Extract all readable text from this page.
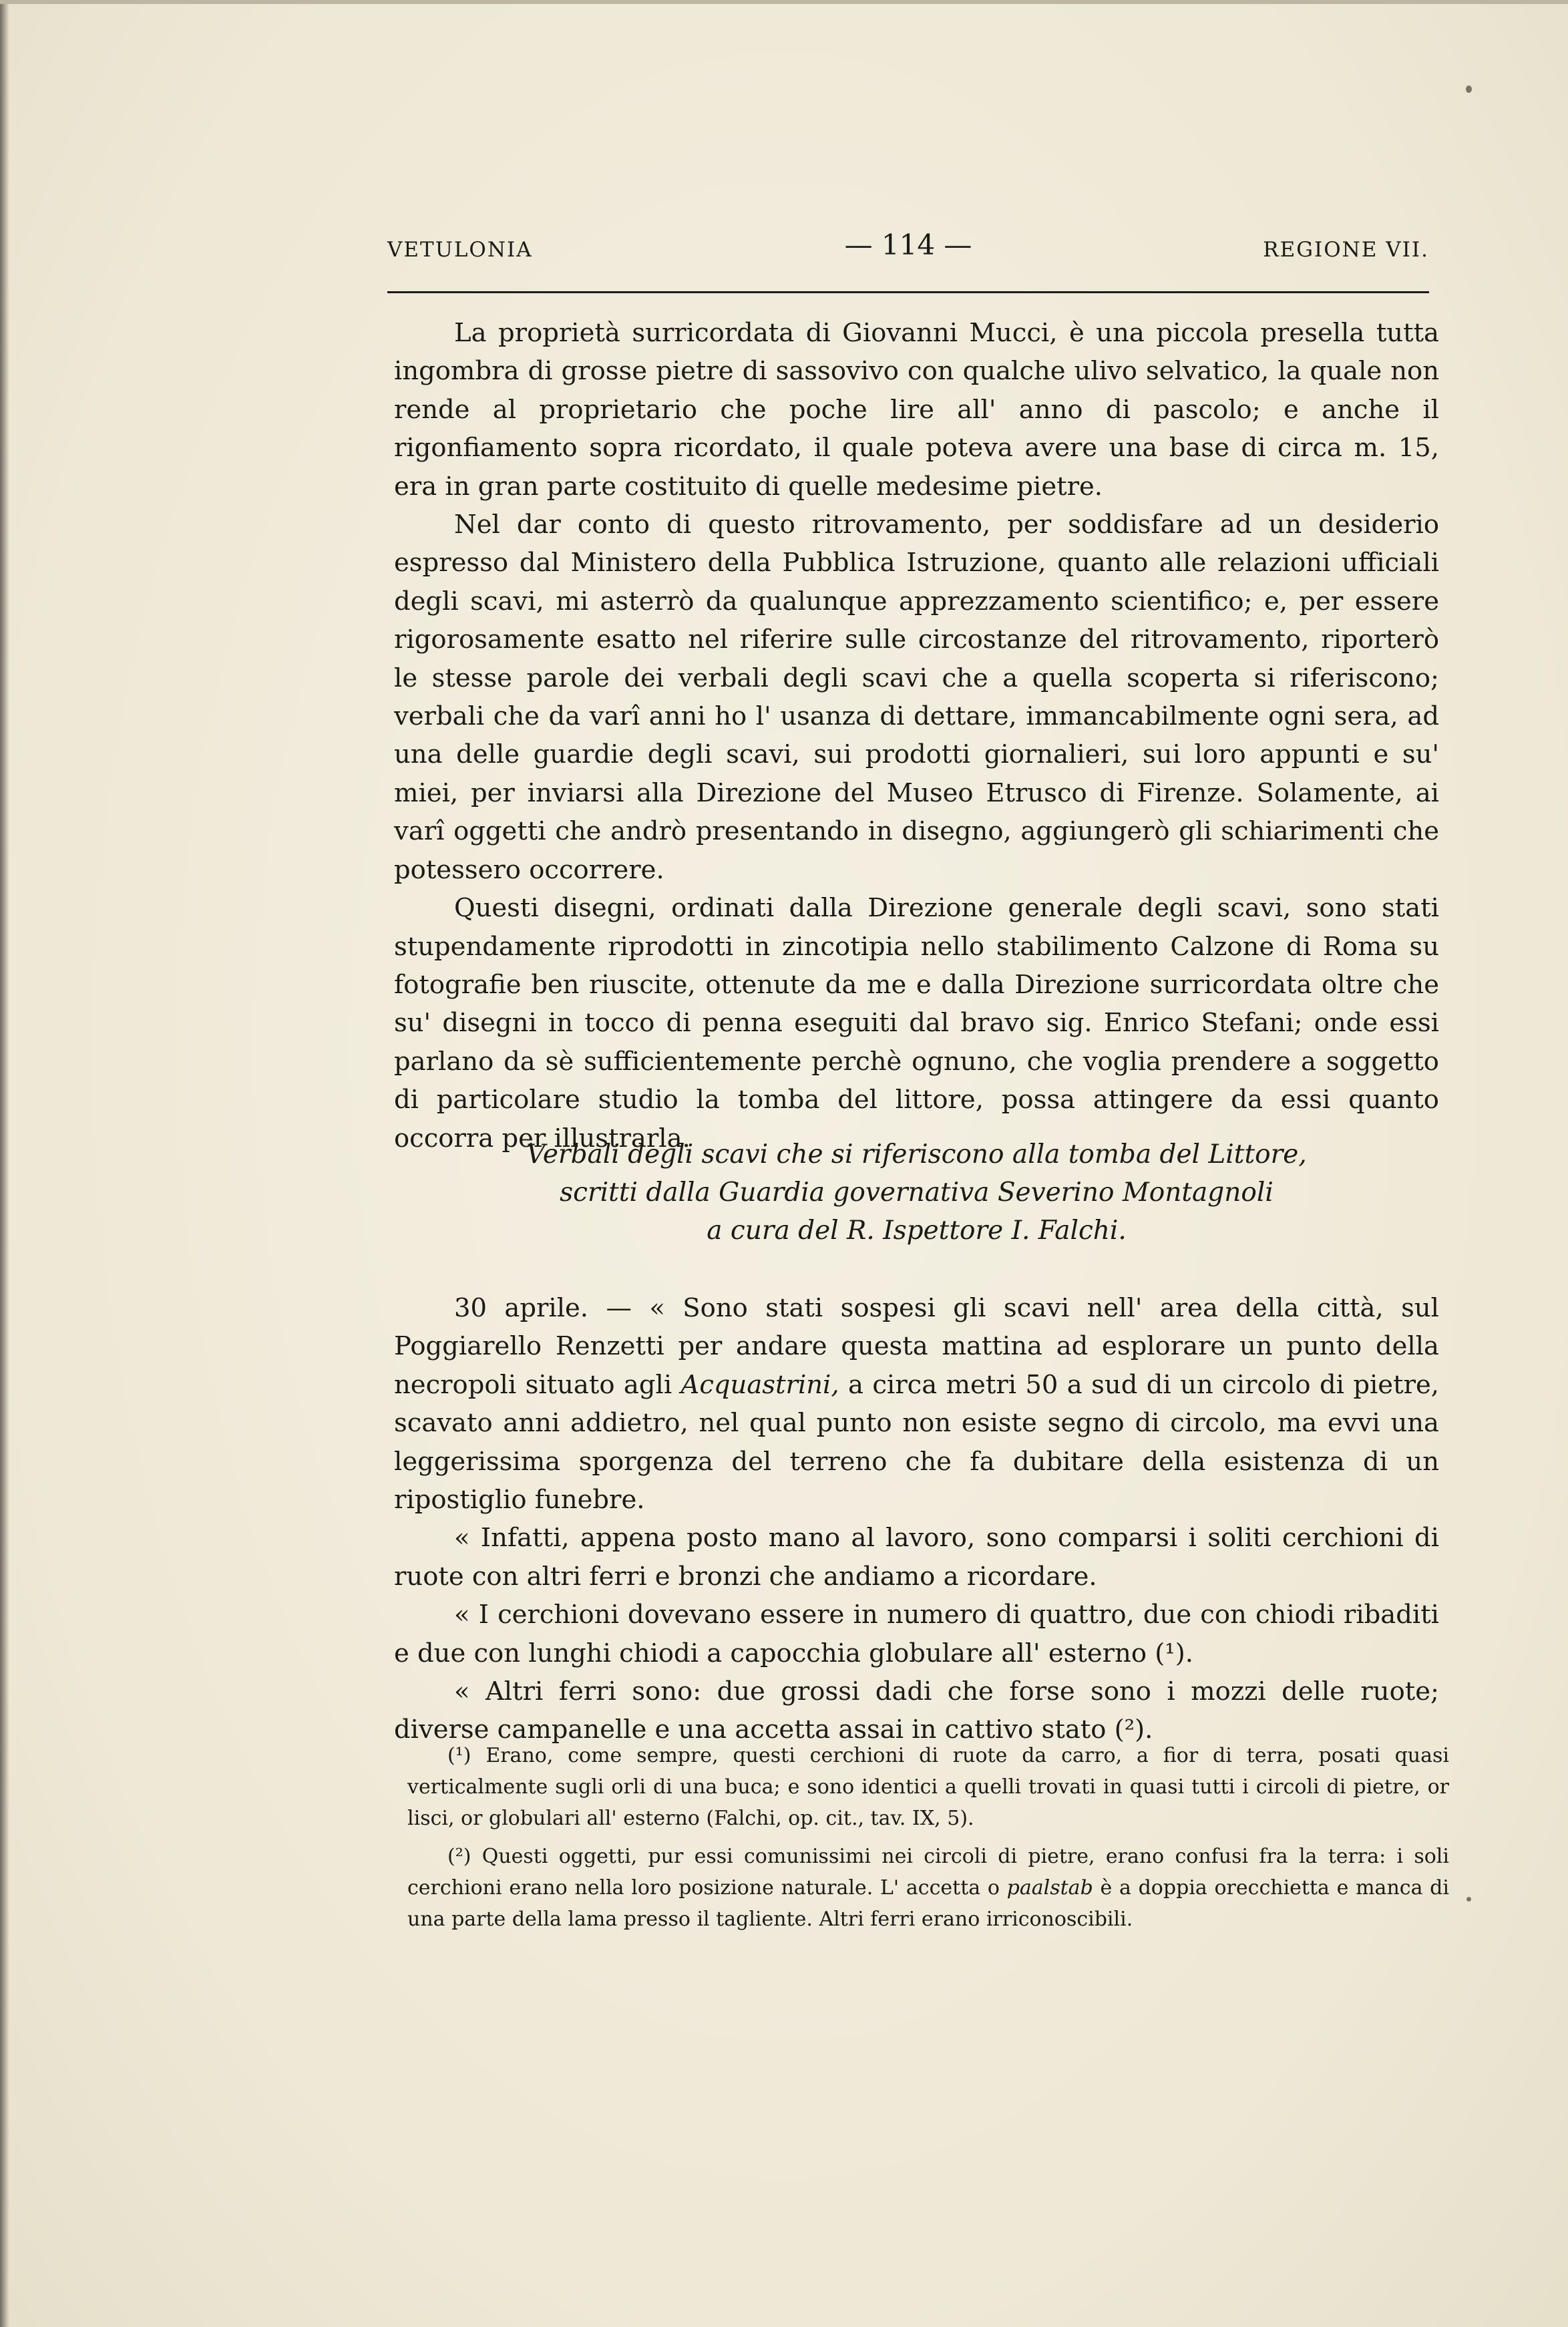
VETULONIA	— 114 —	REGIONE VII.

La proprietà surricordata di Giovanni Mucci, è una piccola presella tutta ingombra di grosse pietre di sassovivo con qualche ulivo selvatico, la quale non rende al proprietario che poche lire all' anno di pascolo; e anche il rigonfiamento sopra ricordato, il quale poteva avere una base di circa m. 15, era in gran parte costituito di quelle medesime pietre.

Nel dar conto di questo ritrovamento, per soddisfare ad un desiderio espresso dal Ministero della Pubblica Istruzione, quanto alle relazioni ufficiali degli scavi, mi asterrò da qualunque apprezzamento scientifico; e, per essere rigorosamente esatto nel riferire sulle circostanze del ritrovamento, riporterò le stesse parole dei verbali degli scavi che a quella scoperta si riferiscono; verbali che da varî anni ho l' usanza di dettare, immancabilmente ogni sera, ad una delle guardie degli scavi, sui prodotti giornalieri, sui loro appunti e su' miei, per inviarsi alla Direzione del Museo Etrusco di Firenze. Solamente, ai varî oggetti che andrò presentando in disegno, aggiungerò gli schiarimenti che potessero occorrere.

Questi disegni, ordinati dalla Direzione generale degli scavi, sono stati stupendamente riprodotti in zincotipia nello stabilimento Calzone di Roma su fotografie ben riuscite, ottenute da me e dalla Direzione surricordata oltre che su' disegni in tocco di penna eseguiti dal bravo sig. Enrico Stefani; onde essi parlano da sè sufficientemente perchè ognuno, che voglia prendere a soggetto di particolare studio la tomba del littore, possa attingere da essi quanto occorra per illustrarla.

Verbali degli scavi che si riferiscono alla tomba del Littore,
scritti dalla Guardia governativa Severino Montagnoli
a cura del R. Ispettore I. Falchi.

30 aprile. — « Sono stati sospesi gli scavi nell' area della città, sul Poggiarello Renzetti per andare questa mattina ad esplorare un punto della necropoli situato agli Acquastrini, a circa metri 50 a sud di un circolo di pietre, scavato anni addietro, nel qual punto non esiste segno di circolo, ma evvi una leggerissima sporgenza del terreno che fa dubitare della esistenza di un ripostiglio funebre.

« Infatti, appena posto mano al lavoro, sono comparsi i soliti cerchioni di ruote con altri ferri e bronzi che andiamo a ricordare.

« I cerchioni dovevano essere in numero di quattro, due con chiodi ribaditi e due con lunghi chiodi a capocchia globulare all' esterno (¹).

« Altri ferri sono: due grossi dadi che forse sono i mozzi delle ruote; diverse campanelle e una accetta assai in cattivo stato (²).

(¹) Erano, come sempre, questi cerchioni di ruote da carro, a fior di terra, posati quasi verticalmente sugli orli di una buca; e sono identici a quelli trovati in quasi tutti i circoli di pietre, or lisci, or globulari all' esterno (Falchi, op. cit., tav. IX, 5).

(²) Questi oggetti, pur essi comunissimi nei circoli di pietre, erano confusi fra la terra: i soli cerchioni erano nella loro posizione naturale. L' accetta o paalstab è a doppia orecchietta e manca di una parte della lama presso il tagliente. Altri ferri erano irriconoscibili.
